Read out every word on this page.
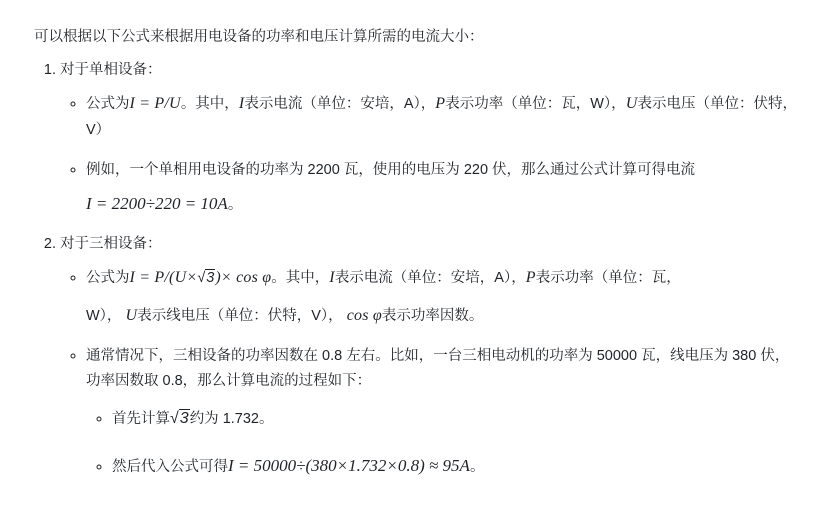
可以根据以下公式来根据用电设备的功率和电压计算所需的电流大小：

1. 对于单相设备：
◦ 公式为I = P/U。其中，I表示电流（单位：安培，A），P表示功率（单位：瓦，W），U表示电压（单位：伏特，V）
◦ 例如，一个单相用电设备的功率为 2200 瓦，使用的电压为 220 伏，那么通过公式计算可得电流
I = 2200÷220 = 10A。
2. 对于三相设备：
◦ 公式为I = P/(U×√3)× cos φ。其中，I表示电流（单位：安培，A），P表示功率（单位：瓦，
W）， U表示线电压（单位：伏特，V）， cos φ表示功率因数。
◦ 通常情况下，三相设备的功率因数在 0.8 左右。比如，一台三相电动机的功率为 50000 瓦，线电压为 380 伏，功率因数取 0.8，那么计算电流的过程如下：
◦ 首先计算√3约为 1.732。
◦ 然后代入公式可得I = 50000÷(380×1.732×0.8) ≈ 95A。
